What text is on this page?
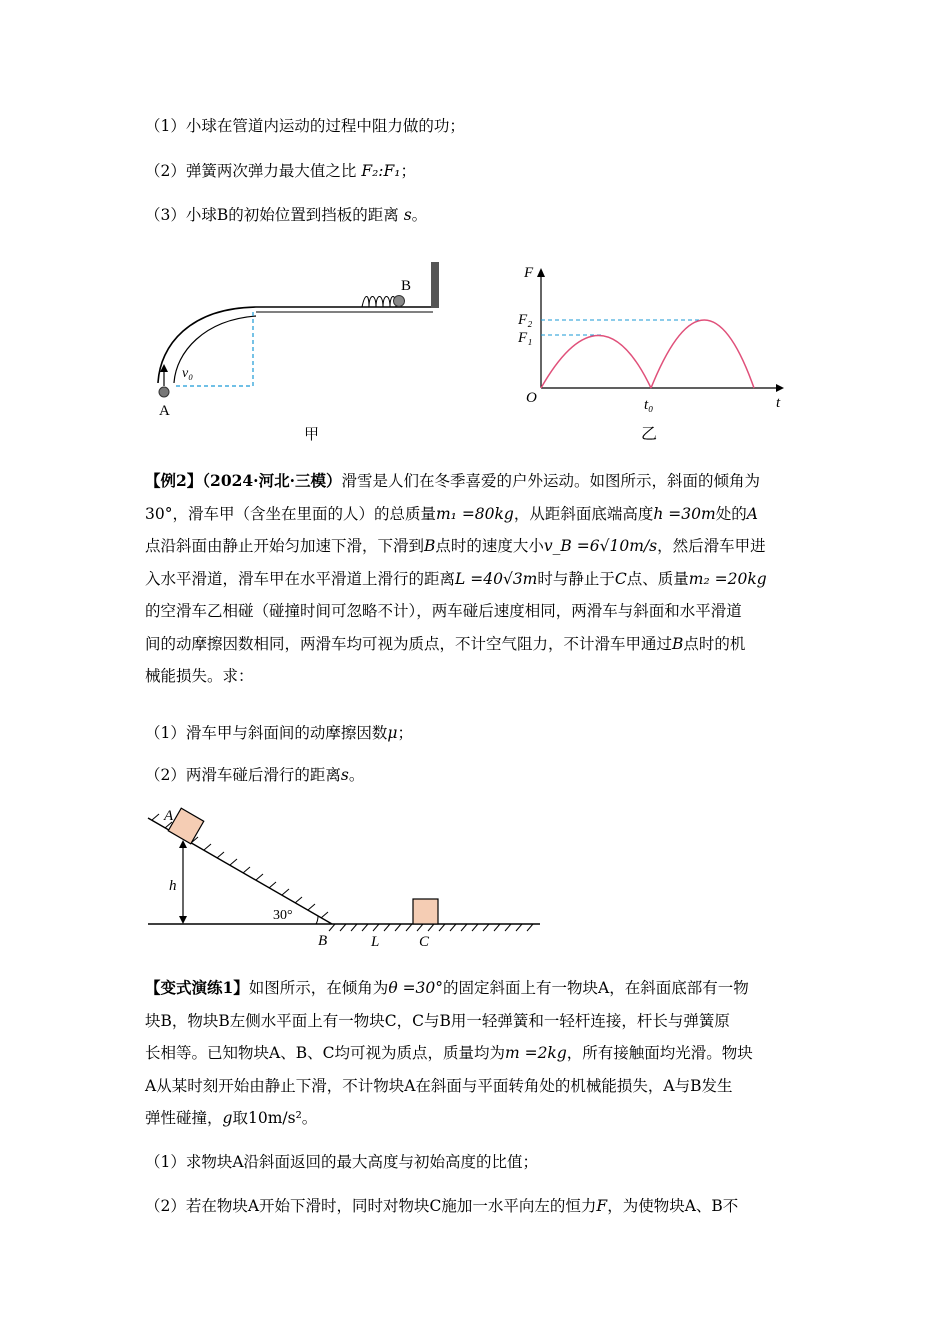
（1）小球在管道内运动的过程中阻力做的功；
（2）弹簧两次弹力最大值之比 F₂:F₁；
（3）小球B的初始位置到挡板的距离 s。
A
v₀
B
甲
F
t
O
F₂
F₁
t₀
乙
【例2】（2024·河北·三模）滑雪是人们在冬季喜爱的户外运动。如图所示，斜面的倾角为
30°，滑车甲（含坐在里面的人）的总质量m₁ =80kg，从距斜面底端高度h =30m处的A
点沿斜面由静止开始匀加速下滑，下滑到B点时的速度大小v_B =6√10m/s，然后滑车甲进
入水平滑道，滑车甲在水平滑道上滑行的距离L =40√3m时与静止于C点、质量m₂ =20kg
的空滑车乙相碰（碰撞时间可忽略不计），两车碰后速度相同，两滑车与斜面和水平滑道
间的动摩擦因数相同，两滑车均可视为质点，不计空气阻力，不计滑车甲通过B点时的机
械能损失。求：
（1）滑车甲与斜面间的动摩擦因数μ；
（2）两滑车碰后滑行的距离s。
A
h
30°
B	L	C
【变式演练1】如图所示，在倾角为θ =30°的固定斜面上有一物块A，在斜面底部有一物
块B，物块B左侧水平面上有一物块C，C与B用一轻弹簧和一轻杆连接，杆长与弹簧原
长相等。已知物块A、B、C均可视为质点，质量均为m =2kg，所有接触面均光滑。物块
A从某时刻开始由静止下滑，不计物块A在斜面与平面转角处的机械能损失，A与B发生
弹性碰撞，g取10m/s²。
（1）求物块A沿斜面返回的最大高度与初始高度的比值；
（2）若在物块A开始下滑时，同时对物块C施加一水平向左的恒力F，为使物块A、B不
